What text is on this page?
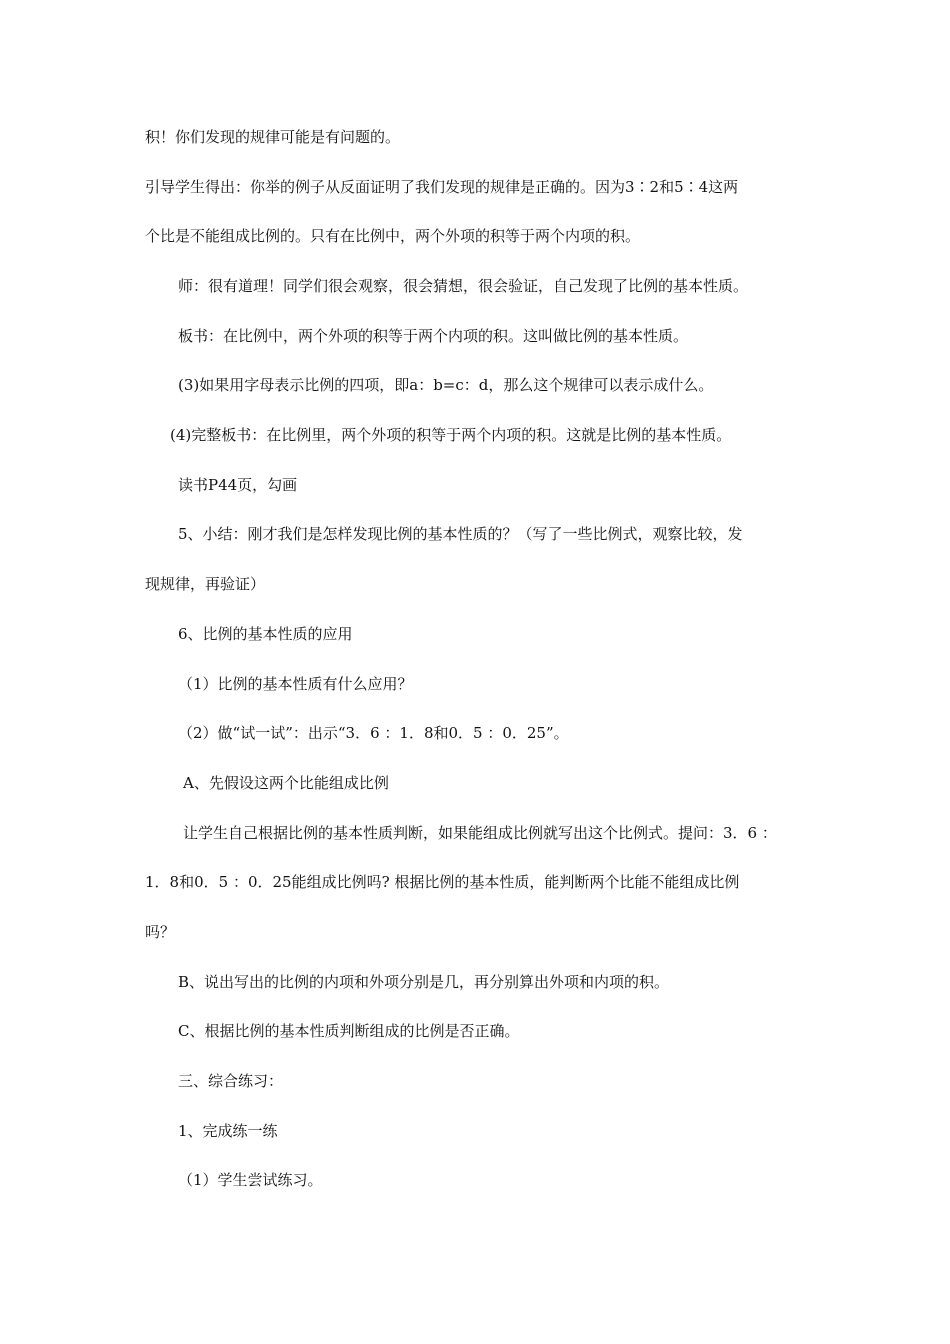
积！你们发现的规律可能是有问题的。
引导学生得出：你举的例子从反面证明了我们发现的规律是正确的。因为3∶2和5∶4这两
个比是不能组成比例的。只有在比例中，两个外项的积等于两个内项的积。
师：很有道理！同学们很会观察，很会猜想，很会验证，自己发现了比例的基本性质。
板书：在比例中，两个外项的积等于两个内项的积。这叫做比例的基本性质。
(3)如果用字母表示比例的四项，即a：b=c：d，那么这个规律可以表示成什么。
(4)完整板书：在比例里，两个外项的积等于两个内项的积。这就是比例的基本性质。
读书P44页，勾画
5、小结：刚才我们是怎样发现比例的基本性质的？（写了一些比例式，观察比较，发
现规律，再验证）
6、比例的基本性质的应用
（1）比例的基本性质有什么应用？
（2）做“试一试”：出示“3．6 ：1．8和0．5 ：0．25”。
A、先假设这两个比能组成比例
让学生自己根据比例的基本性质判断，如果能组成比例就写出这个比例式。提问：3．6 ：
1．8和0．5 ：0．25能组成比例吗? 根据比例的基本性质，能判断两个比能不能组成比例
吗？
B、说出写出的比例的内项和外项分别是几，再分别算出外项和内项的积。
C、根据比例的基本性质判断组成的比例是否正确。
三、综合练习：
1、完成练一练
（1）学生尝试练习。
